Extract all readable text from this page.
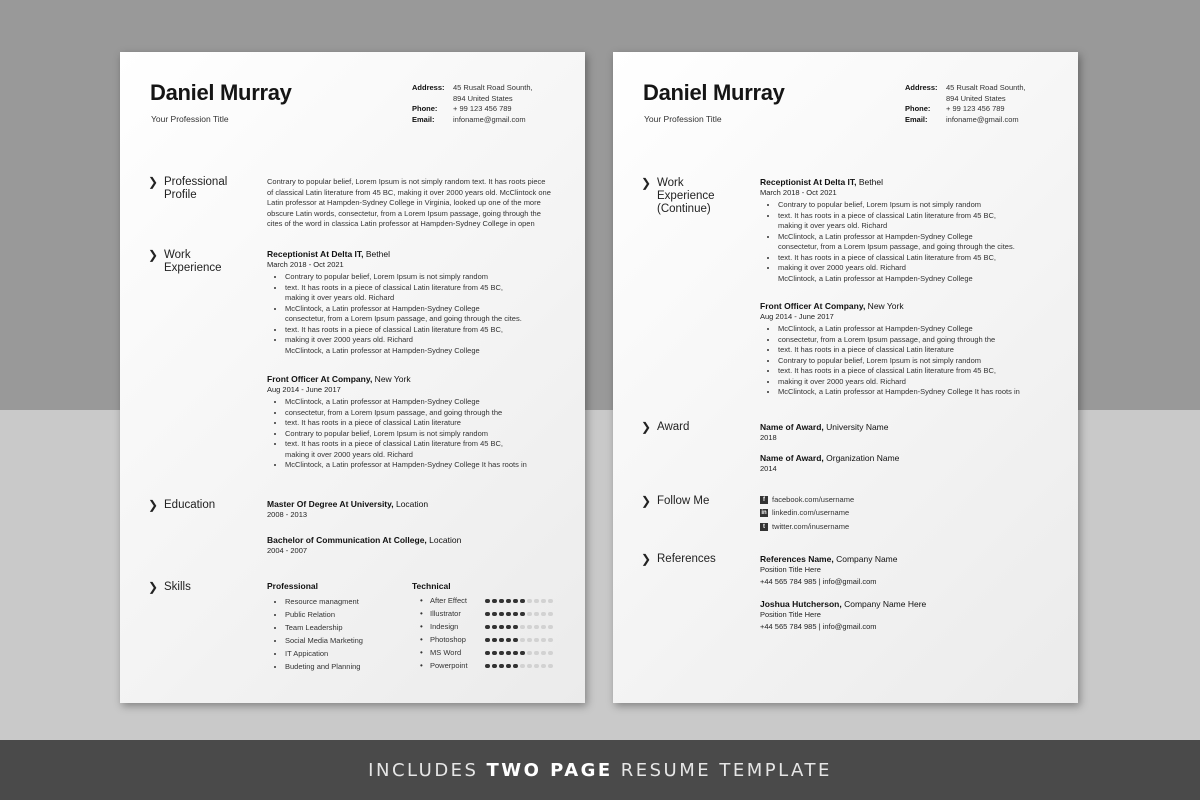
Daniel Murray
Your Profession Title
Address:	45 Rusalt Road Sounth,
894 United States
Phone:	+ 99 123 456 789
Email:	infoname@gmail.com
❯ Professional
Profile
Contrary to popular belief, Lorem Ipsum is not simply random text. It has roots piece of classical Latin literature from 45 BC, making it over 2000 years old. McClintock one Latin professor at Hampden-Sydney College in Virginia, looked up one of the more obscure Latin words, consectetur, from a Lorem Ipsum passage, going through the cites of the word in classica Latin professor at Hampden-Sydney College in open
❯ Work
Experience
Receptionist At Delta IT, Bethel
March 2018 - Oct 2021
• Contrary to popular belief, Lorem Ipsum is not simply random
• text. It has roots in a piece of classical Latin literature from 45 BC,
making it over years old. Richard
• McClintock, a Latin professor at Hampden-Sydney College
consectetur, from a Lorem Ipsum passage, and going through the cites.
• text. It has roots in a piece of classical Latin literature from 45 BC,
• making it over 2000 years old. Richard
McClintock, a Latin professor at Hampden-Sydney College
Front Officer At Company, New York
Aug 2014 - June 2017
• McClintock, a Latin professor at Hampden-Sydney College
• consectetur, from a Lorem Ipsum passage, and going through the
• text. It has roots in a piece of classical Latin literature
• Contrary to popular belief, Lorem Ipsum is not simply random
• text. It has roots in a piece of classical Latin literature from 45 BC,
making it over 2000 years old. Richard
• McClintock, a Latin professor at Hampden-Sydney College It has roots in
❯ Education	Master Of Degree At University, Location
2008 - 2013
Bachelor of Communication At College, Location
2004 - 2007
❯ Skills	Professional
• Resource managment
• Public Relation
• Team Leadership
• Social Media Marketing
• IT Appication
• Budeting and Planning
Technical
• After Effect
• Illustrator
• Indesign
• Photoshop
• MS Word
• Powerpoint
Daniel Murray
Your Profession Title
Address:	45 Rusalt Road Sounth,
894 United States
Phone:	+ 99 123 456 789
Email:	infoname@gmail.com
❯ Work
Experience
(Continue)
Receptionist At Delta IT, Bethel
March 2018 - Oct 2021
• Contrary to popular belief, Lorem Ipsum is not simply random
• text. It has roots in a piece of classical Latin literature from 45 BC,
making it over years old. Richard
• McClintock, a Latin professor at Hampden-Sydney College
consectetur, from a Lorem Ipsum passage, and going through the cites.
• text. It has roots in a piece of classical Latin literature from 45 BC,
• making it over 2000 years old. Richard
McClintock, a Latin professor at Hampden-Sydney College
Front Officer At Company, New York
Aug 2014 - June 2017
• McClintock, a Latin professor at Hampden-Sydney College
• consectetur, from a Lorem Ipsum passage, and going through the
• text. It has roots in a piece of classical Latin literature
• Contrary to popular belief, Lorem Ipsum is not simply random
• text. It has roots in a piece of classical Latin literature from 45 BC,
• making it over 2000 years old. Richard
• McClintock, a Latin professor at Hampden-Sydney College It has roots in
❯ Award	Name of Award, University Name
2018
Name of Award, Organization Name
2014
❯ Follow Me	f facebook.com/username
in linkedin.com/username
t twitter.com/inusername
❯ References	References Name, Company Name
Position Title Here
+44 565 784 985 | info@gmail.com
Joshua Hutcherson, Company Name Here
Position Title Here
+44 565 784 985 | info@gmail.com
INCLUDES TWO PAGE RESUME TEMPLATE
